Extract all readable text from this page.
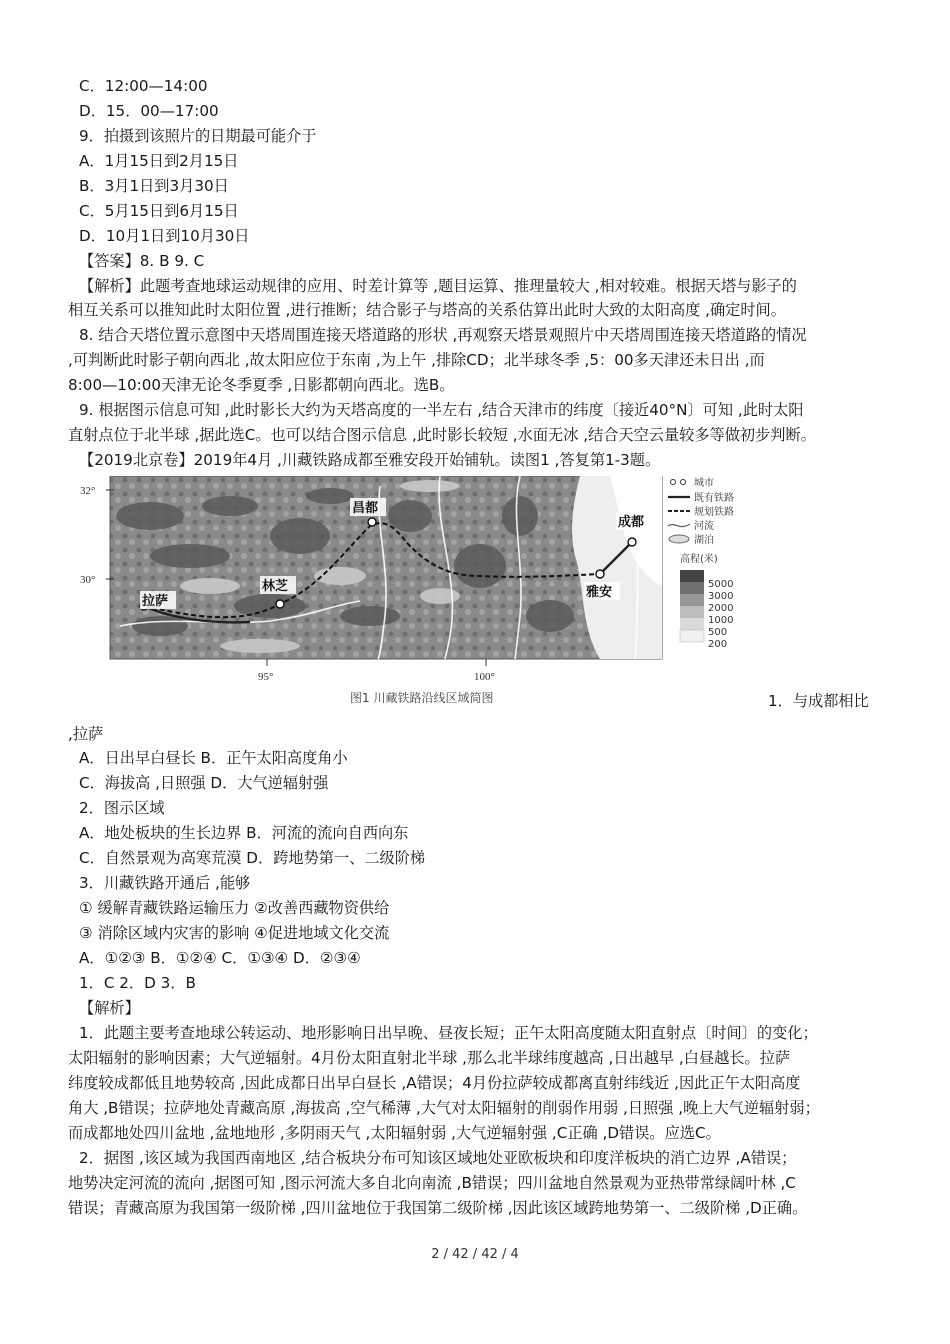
C．12:00—14:00
D．15．00—17:00
9．拍摄到该照片的日期最可能介于
A．1月15日到2月15日
B．3月1日到3月30日
C．5月15日到6月15日
D．10月1日到10月30日
【答案】8. B 9. C
【解析】此题考查地球运动规律的应用、时差计算等 ,题目运算、推理量较大 ,相对较难。根据天塔与影子的
相互关系可以推知此时太阳位置 ,进行推断；结合影子与塔高的关系估算出此时大致的太阳高度 ,确定时间。
8. 结合天塔位置示意图中天塔周围连接天塔道路的形状 ,再观察天塔景观照片中天塔周围连接天塔道路的情况
,可判断此时影子朝向西北 ,故太阳应位于东南 ,为上午 ,排除CD；北半球冬季 ,5：00多天津还未日出 ,而
8:00—10:00天津无论冬季夏季 ,日影都朝向西北。选B。
9. 根据图示信息可知 ,此时影长大约为天塔高度的一半左右 ,结合天津市的纬度〔接近40°N〕可知 ,此时太阳
直射点位于北半球 ,据此选C。也可以结合图示信息 ,此时影长较短 ,水面无冰 ,结合天空云量较多等做初步判断。
【2019北京卷】2019年4月 ,川藏铁路成都至雅安段开始铺轨。读图1 ,答复第1-3题。
32°
30°
95°	100°
昌都
成都
拉萨
林芝	雅安
城市
既有铁路
规划铁路
河流
湖泊
高程(米)
5000
3000
2000
1000
500
200
图1 川藏铁路沿线区域简图	1．与成都相比
,拉萨
A．日出早白昼长 B．正午太阳高度角小
C．海拔高 ,日照强 D．大气逆辐射强
2．图示区域
A．地处板块的生长边界 B．河流的流向自西向东
C．自然景观为高寒荒漠 D．跨地势第一、二级阶梯
3．川藏铁路开通后 ,能够
① 缓解青藏铁路运输压力 ②改善西藏物资供给
③ 消除区域内灾害的影响 ④促进地域文化交流
A．①②③ B．①②④ C．①③④ D．②③④
1．C 2．D 3．B
【解析】
1．此题主要考查地球公转运动、地形影响日出早晚、昼夜长短；正午太阳高度随太阳直射点〔时间〕的变化；
太阳辐射的影响因素；大气逆辐射。4月份太阳直射北半球 ,那么北半球纬度越高 ,日出越早 ,白昼越长。拉萨
纬度较成都低且地势较高 ,因此成都日出早白昼长 ,A错误；4月份拉萨较成都离直射纬线近 ,因此正午太阳高度
角大 ,B错误；拉萨地处青藏高原 ,海拔高 ,空气稀薄 ,大气对太阳辐射的削弱作用弱 ,日照强 ,晚上大气逆辐射弱；
而成都地处四川盆地 ,盆地地形 ,多阴雨天气 ,太阳辐射弱 ,大气逆辐射强 ,C正确 ,D错误。应选C。
2．据图 ,该区域为我国西南地区 ,结合板块分布可知该区域地处亚欧板块和印度洋板块的消亡边界 ,A错误；
地势决定河流的流向 ,据图可知 ,图示河流大多自北向南流 ,B错误；四川盆地自然景观为亚热带常绿阔叶林 ,C
错误；青藏高原为我国第一级阶梯 ,四川盆地位于我国第二级阶梯 ,因此该区域跨地势第一、二级阶梯 ,D正确。
2 / 42 / 42 / 4
